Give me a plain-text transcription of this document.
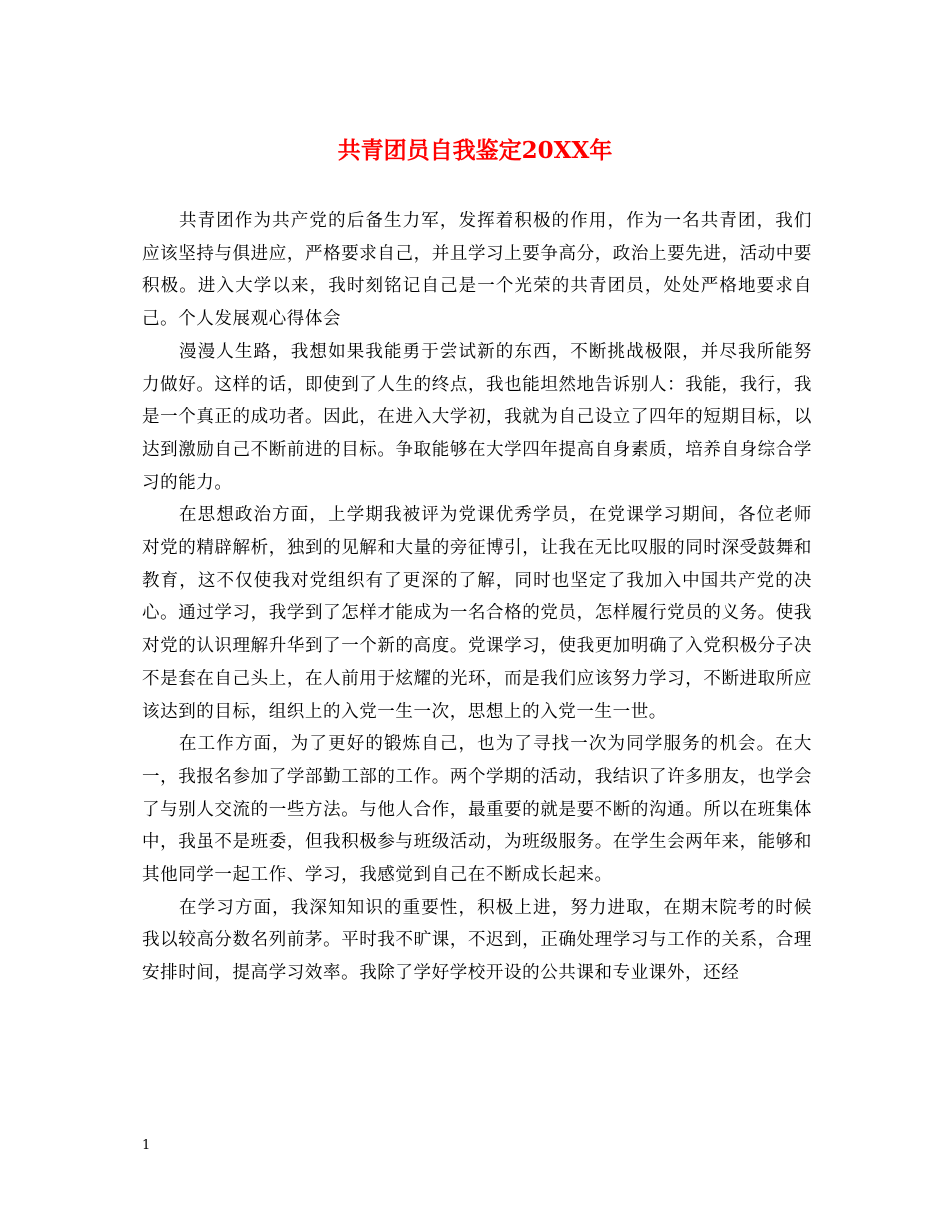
共青团员自我鉴定20XX年

共青团作为共产党的后备生力军，发挥着积极的作用，作为一名共青团，我们应该坚持与俱进应，严格要求自己，并且学习上要争高分，政治上要先进，活动中要积极。进入大学以来，我时刻铭记自己是一个光荣的共青团员，处处严格地要求自己。个人发展观心得体会

漫漫人生路，我想如果我能勇于尝试新的东西，不断挑战极限，并尽我所能努力做好。这样的话，即使到了人生的终点，我也能坦然地告诉别人：我能，我行，我是一个真正的成功者。因此，在进入大学初，我就为自己设立了四年的短期目标，以达到激励自己不断前进的目标。争取能够在大学四年提高自身素质，培养自身综合学习的能力。

在思想政治方面，上学期我被评为党课优秀学员，在党课学习期间，各位老师对党的精辟解析，独到的见解和大量的旁征博引，让我在无比叹服的同时深受鼓舞和教育，这不仅使我对党组织有了更深的了解，同时也坚定了我加入中国共产党的决心。通过学习，我学到了怎样才能成为一名合格的党员，怎样履行党员的义务。使我对党的认识理解升华到了一个新的高度。党课学习，使我更加明确了入党积极分子决不是套在自己头上，在人前用于炫耀的光环，而是我们应该努力学习，不断进取所应该达到的目标，组织上的入党一生一次，思想上的入党一生一世。

在工作方面，为了更好的锻炼自己，也为了寻找一次为同学服务的机会。在大一，我报名参加了学部勤工部的工作。两个学期的活动，我结识了许多朋友，也学会了与别人交流的一些方法。与他人合作，最重要的就是要不断的沟通。所以在班集体中，我虽不是班委，但我积极参与班级活动，为班级服务。在学生会两年来，能够和其他同学一起工作、学习，我感觉到自己在不断成长起来。

在学习方面，我深知知识的重要性，积极上进，努力进取，在期末院考的时候我以较高分数名列前茅。平时我不旷课，不迟到，正确处理学习与工作的关系，合理安排时间，提高学习效率。我除了学好学校开设的公共课和专业课外，还经

1
